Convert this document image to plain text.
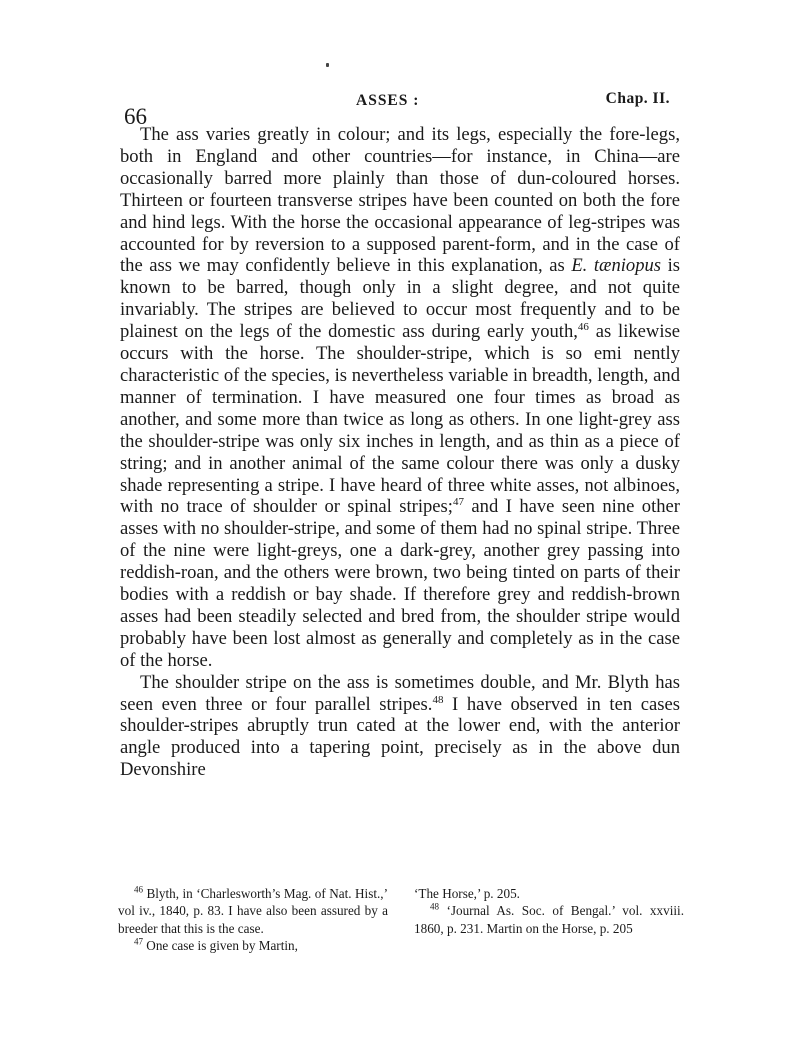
66
ASSES :	Chap. II.

The ass varies greatly in colour; and its legs, especially the fore-legs, both in England and other countries—for instance, in China—are occasionally barred more plainly than those of dun-coloured horses. Thirteen or fourteen transverse stripes have been counted on both the fore and hind legs. With the horse the occasional appearance of leg-stripes was accounted for by reversion to a supposed parent-form, and in the case of the ass we may confidently believe in this explanation, as E. tæniopus is known to be barred, though only in a slight degree, and not quite invariably. The stripes are believed to occur most frequently and to be plainest on the legs of the domestic ass during early youth,$^{46}$ as likewise occurs with the horse. The shoulder-stripe, which is so emi nently characteristic of the species, is nevertheless variable in breadth, length, and manner of termination. I have measured one four times as broad as another, and some more than twice as long as others. In one light-grey ass the shoulder-stripe was only six inches in length, and as thin as a piece of string; and in another animal of the same colour there was only a dusky shade representing a stripe. I have heard of three white asses, not albinoes, with no trace of shoulder or spinal stripes;$^{47}$ and I have seen nine other asses with no shoulder-stripe, and some of them had no spinal stripe. Three of the nine were light-greys, one a dark-grey, another grey passing into reddish-roan, and the others were brown, two being tinted on parts of their bodies with a reddish or bay shade. If therefore grey and reddish-brown asses had been steadily selected and bred from, the shoulder stripe would probably have been lost almost as generally and completely as in the case of the horse.

The shoulder stripe on the ass is sometimes double, and Mr. Blyth has seen even three or four parallel stripes.$^{48}$ I have observed in ten cases shoulder-stripes abruptly trun cated at the lower end, with the anterior angle produced into a tapering point, precisely as in the above dun Devonshire

$^{46}$ Blyth, in ‘Charlesworth’s Mag. of Nat. Hist.,’ vol iv., 1840, p. 83. I have also been assured by a breeder that this is the case.

$^{47}$ One case is given by Martin,

‘The Horse,’ p. 205.

$^{48}$ ‘Journal As. Soc. of Bengal.’ vol. xxviii. 1860, p. 231. Martin on the Horse, p. 205
